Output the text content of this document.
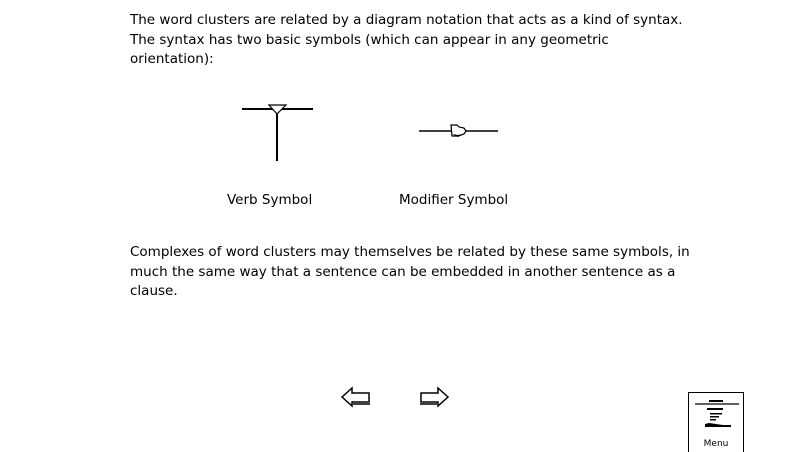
The word clusters are related by a diagram notation that acts as a kind of syntax. The syntax has two basic symbols (which can appear in any geometric orientation):

Verb Symbol	Modifier Symbol

Complexes of word clusters may themselves be related by these same symbols, in much the same way that a sentence can be embedded in another sentence as a clause.

Menu
